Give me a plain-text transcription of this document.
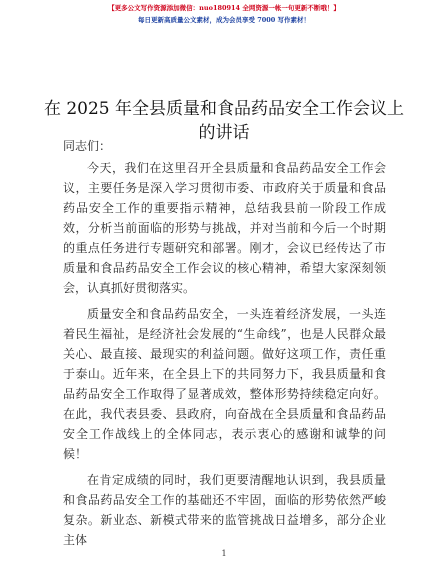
【更多公文写作资源添加微信：nuo180914 全网资源一帐一句更新不断哦！】
每日更新高质量公文素材，成为会员享受 7000 写作素材！
在 2025 年全县质量和食品药品安全工作会议上的讲话

同志们：

今天，我们在这里召开全县质量和食品药品安全工作会议，主要任务是深入学习贯彻市委、市政府关于质量和食品药品安全工作的重要指示精神，总结我县前一阶段工作成效，分析当前面临的形势与挑战，并对当前和今后一个时期的重点任务进行专题研究和部署。刚才，会议已经传达了市质量和食品药品安全工作会议的核心精神，希望大家深刻领会，认真抓好贯彻落实。

质量安全和食品药品安全，一头连着经济发展，一头连着民生福祉，是经济社会发展的“生命线”，也是人民群众最关心、最直接、最现实的利益问题。做好这项工作，责任重于泰山。近年来，在全县上下的共同努力下，我县质量和食品药品安全工作取得了显著成效，整体形势持续稳定向好。在此，我代表县委、县政府，向奋战在全县质量和食品药品安全工作战线上的全体同志，表示衷心的感谢和诚挚的问候！

在肯定成绩的同时，我们更要清醒地认识到，我县质量和食品药品安全工作的基础还不牢固，面临的形势依然严峻复杂。新业态、新模式带来的监管挑战日益增多，部分企业主体

1
